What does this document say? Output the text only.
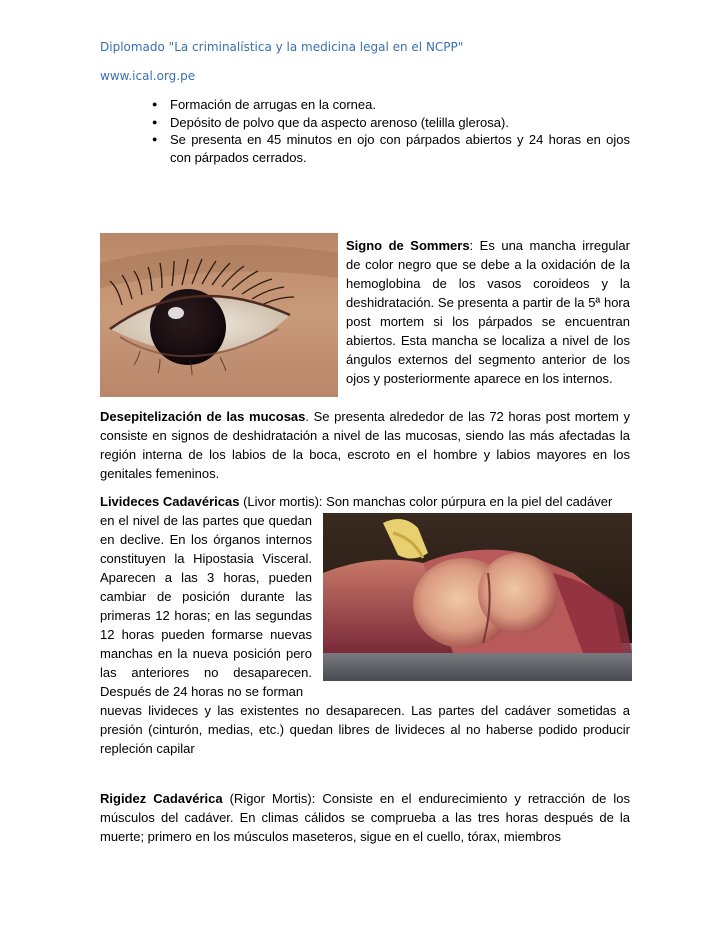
Diplomado "La criminalística y la medicina legal en el NCPP"
www.ical.org.pe
● Formación de arrugas en la cornea.
● Depósito de polvo que da aspecto arenoso (telilla glerosa).
● Se presenta en 45 minutos en ojo con párpados abiertos y 24 horas en ojos con párpados cerrados.
Signo de Sommers: Es una mancha irregular de color negro que se debe a la oxidación de la hemoglobina de los vasos coroideos y la deshidratación. Se presenta a partir de la 5ª hora post mortem si los párpados se encuentran abiertos. Esta mancha se localiza a nivel de los ángulos externos del segmento anterior de los ojos y posteriormente aparece en los internos.
Desepitelización de las mucosas. Se presenta alrededor de las 72 horas post mortem y consiste en signos de deshidratación a nivel de las mucosas, siendo las más afectadas la región interna de los labios de la boca, escroto en el hombre y labios mayores en los genitales femeninos.
Livideces Cadavéricas (Livor mortis): Son manchas color púrpura en la piel del cadáver
en el nivel de las partes que quedan
en declive. En los órganos internos
constituyen la Hipostasia Visceral.
Aparecen a las 3 horas, pueden
cambiar de posición durante las
primeras 12 horas; en las segundas
12 horas pueden formarse nuevas
manchas en la nueva posición pero
las anteriores no desaparecen.
Después de 24 horas no se forman
nuevas livideces y las existentes no desaparecen. Las partes del cadáver sometidas a presión (cinturón, medias, etc.) quedan libres de livideces al no haberse podido producir repleción capilar
Rigidez Cadavérica (Rigor Mortis): Consiste en el endurecimiento y retracción de los músculos del cadáver. En climas cálidos se comprueba a las tres horas después de la muerte; primero en los músculos maseteros, sigue en el cuello, tórax, miembros
